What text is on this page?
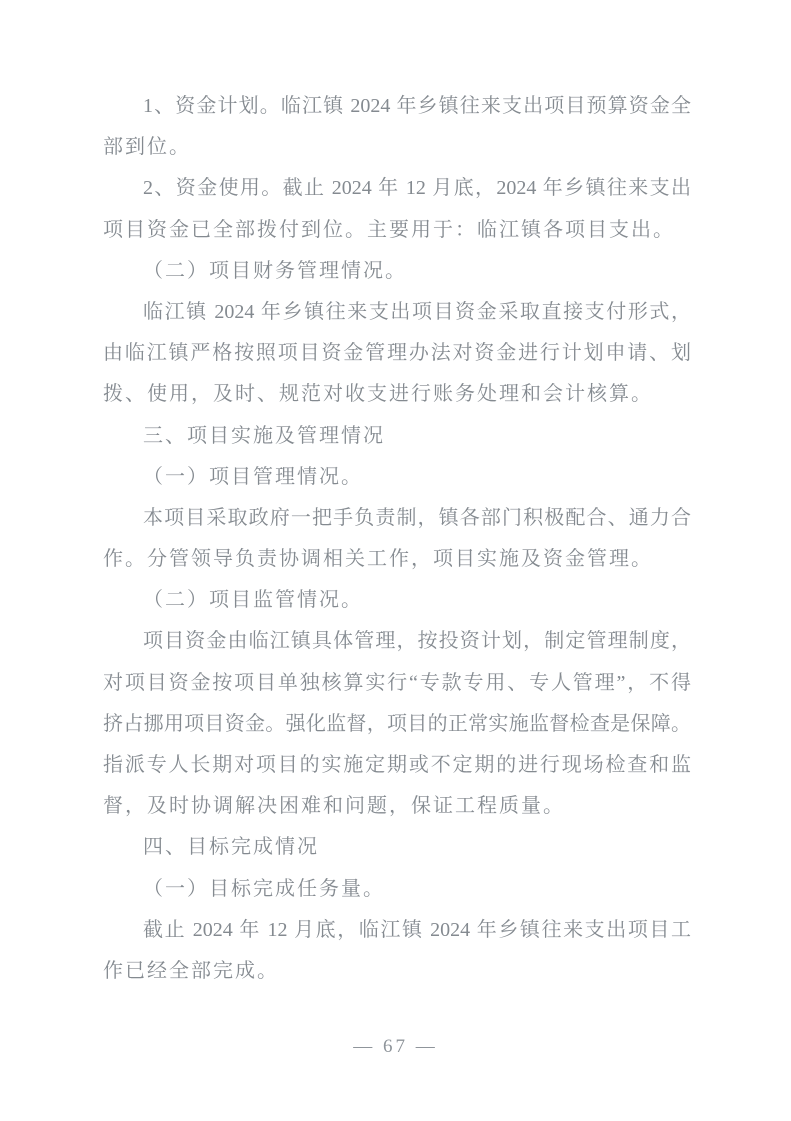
1、资金计划。临江镇 2024 年乡镇往来支出项目预算资金全
部到位。
2、资金使用。截止 2024 年 12 月底，2024 年乡镇往来支出
项目资金已全部拨付到位。主要用于：临江镇各项目支出。
（二）项目财务管理情况。
临江镇 2024 年乡镇往来支出项目资金采取直接支付形式，
由临江镇严格按照项目资金管理办法对资金进行计划申请、划
拨、使用，及时、规范对收支进行账务处理和会计核算。
三、项目实施及管理情况
（一）项目管理情况。
本项目采取政府一把手负责制，镇各部门积极配合、通力合
作。分管领导负责协调相关工作，项目实施及资金管理。
（二）项目监管情况。
项目资金由临江镇具体管理，按投资计划，制定管理制度，
对项目资金按项目单独核算实行“专款专用、专人管理”，不得
挤占挪用项目资金。强化监督，项目的正常实施监督检查是保障。
指派专人长期对项目的实施定期或不定期的进行现场检查和监
督，及时协调解决困难和问题，保证工程质量。
四、目标完成情况
（一）目标完成任务量。
截止 2024 年 12 月底，临江镇 2024 年乡镇往来支出项目工
作已经全部完成。
— 67 —
